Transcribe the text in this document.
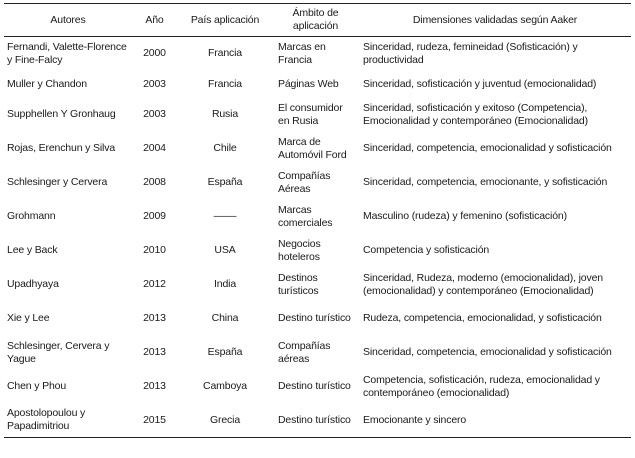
Autores	Año	País aplicación	Ámbito de aplicación	Dimensiones validadas según Aaker
Fernandi, Valette-Florence y Fine-Falcy	2000	Francia	Marcas en Francia	Sinceridad, rudeza, femineidad (Sofisticación) y productividad
Muller y Chandon	2003	Francia	Páginas Web	Sinceridad, sofisticación y juventud (emocionalidad)
Supphellen Y Gronhaug	2003	Rusia	El consumidor en Rusia	Sinceridad, sofisticación y exitoso (Competencia), Emocionalidad y contemporáneo (Emocionalidad)
Rojas, Erenchun y Silva	2004	Chile	Marca de Automóvil Ford	Sinceridad, competencia, emocionalidad y sofisticación
Schlesinger y Cervera	2008	España	Compañías Aéreas	Sinceridad, competencia, emocionante, y sofisticación
Grohmann	2009	––––	Marcas comerciales	Masculino (rudeza) y femenino (sofisticación)
Lee y Back	2010	USA	Negocios hoteleros	Competencia y sofisticación
Upadhyaya	2012	India	Destinos turísticos	Sinceridad, Rudeza, moderno (emocionalidad), joven (emocionalidad) y contemporáneo (Emocionalidad)
Xie y Lee	2013	China	Destino turístico	Rudeza, competencia, emocionalidad, y sofisticación
Schlesinger, Cervera y Yague	2013	España	Compañías aéreas	Sinceridad, competencia, emocionalidad y sofisticación
Chen y Phou	2013	Camboya	Destino turístico	Competencia, sofisticación, rudeza, emocionalidad y contemporáneo (emocionalidad)
Apostolopoulou y Papadimitriou	2015	Grecia	Destino turístico	Emocionante y sincero
